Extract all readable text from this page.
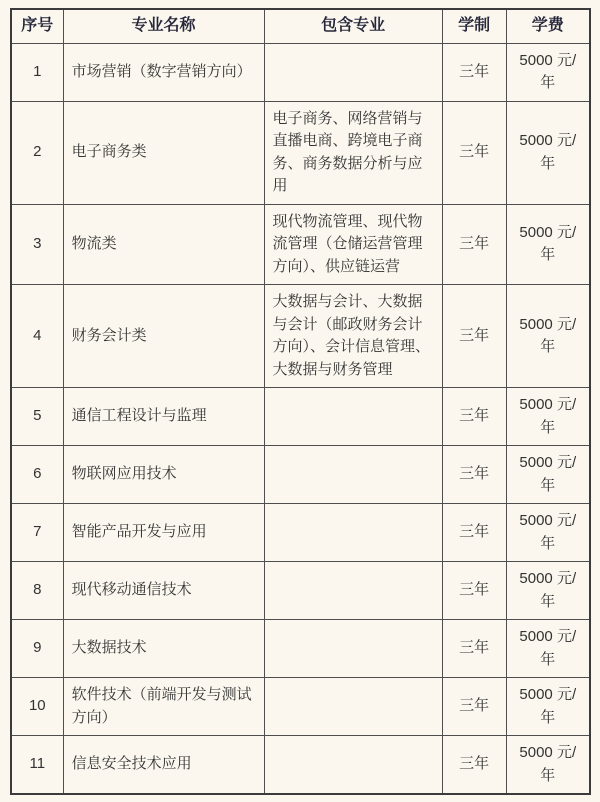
序号	专业名称	包含专业	学制	学费
1	市场营销（数字营销方向）		三年	5000 元/年
2	电子商务类	电子商务、网络营销与直播电商、跨境电子商务、商务数据分析与应用	三年	5000 元/年
3	物流类	现代物流管理、现代物流管理（仓储运营管理方向）、供应链运营	三年	5000 元/年
4	财务会计类	大数据与会计、大数据与会计（邮政财务会计方向）、会计信息管理、大数据与财务管理	三年	5000 元/年
5	通信工程设计与监理		三年	5000 元/年
6	物联网应用技术		三年	5000 元/年
7	智能产品开发与应用		三年	5000 元/年
8	现代移动通信技术		三年	5000 元/年
9	大数据技术		三年	5000 元/年
10	软件技术（前端开发与测试方向）		三年	5000 元/年
11	信息安全技术应用		三年	5000 元/年
